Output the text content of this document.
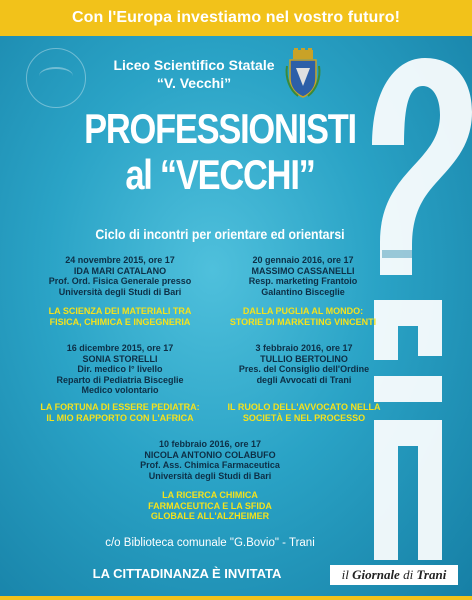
Con l'Europa investiamo nel vostro futuro!
Liceo Scientifico Statale
“V. Vecchi”
PROFESSIONISTI
al “VECCHI”
Ciclo di incontri per orientare ed orientarsi
24 novembre 2015, ore 17
IDA MARI CATALANO
Prof. Ord. Fisica Generale presso
Università degli Studi di Bari
LA SCIENZA DEI MATERIALI TRA
FISICA, CHIMICA E INGEGNERIA
20 gennaio 2016, ore 17
MASSIMO CASSANELLI
Resp. marketing Frantoio
Galantino Bisceglie
DALLA PUGLIA AL MONDO:
STORIE DI MARKETING VINCENTI
16 dicembre 2015, ore 17
SONIA STORELLI
Dir. medico I° livello
Reparto di Pediatria Bisceglie
Medico volontario
LA FORTUNA DI ESSERE PEDIATRA:
IL MIO RAPPORTO CON L'AFRICA
3 febbraio 2016, ore 17
TULLIO BERTOLINO
Pres. del Consiglio dell'Ordine
degli Avvocati di Trani
IL RUOLO DELL'AVVOCATO NELLA
SOCIETÀ E NEL PROCESSO
10 febbraio 2016, ore 17
NICOLA ANTONIO COLABUFO
Prof. Ass. Chimica Farmaceutica
Università degli Studi di Bari
LA RICERCA CHIMICA
FARMACEUTICA E LA SFIDA
GLOBALE ALL'ALZHEIMER
c/o Biblioteca comunale "G.Bovio" - Trani
LA CITTADINANZA È INVITATA	il
Giornale
di
Trani
